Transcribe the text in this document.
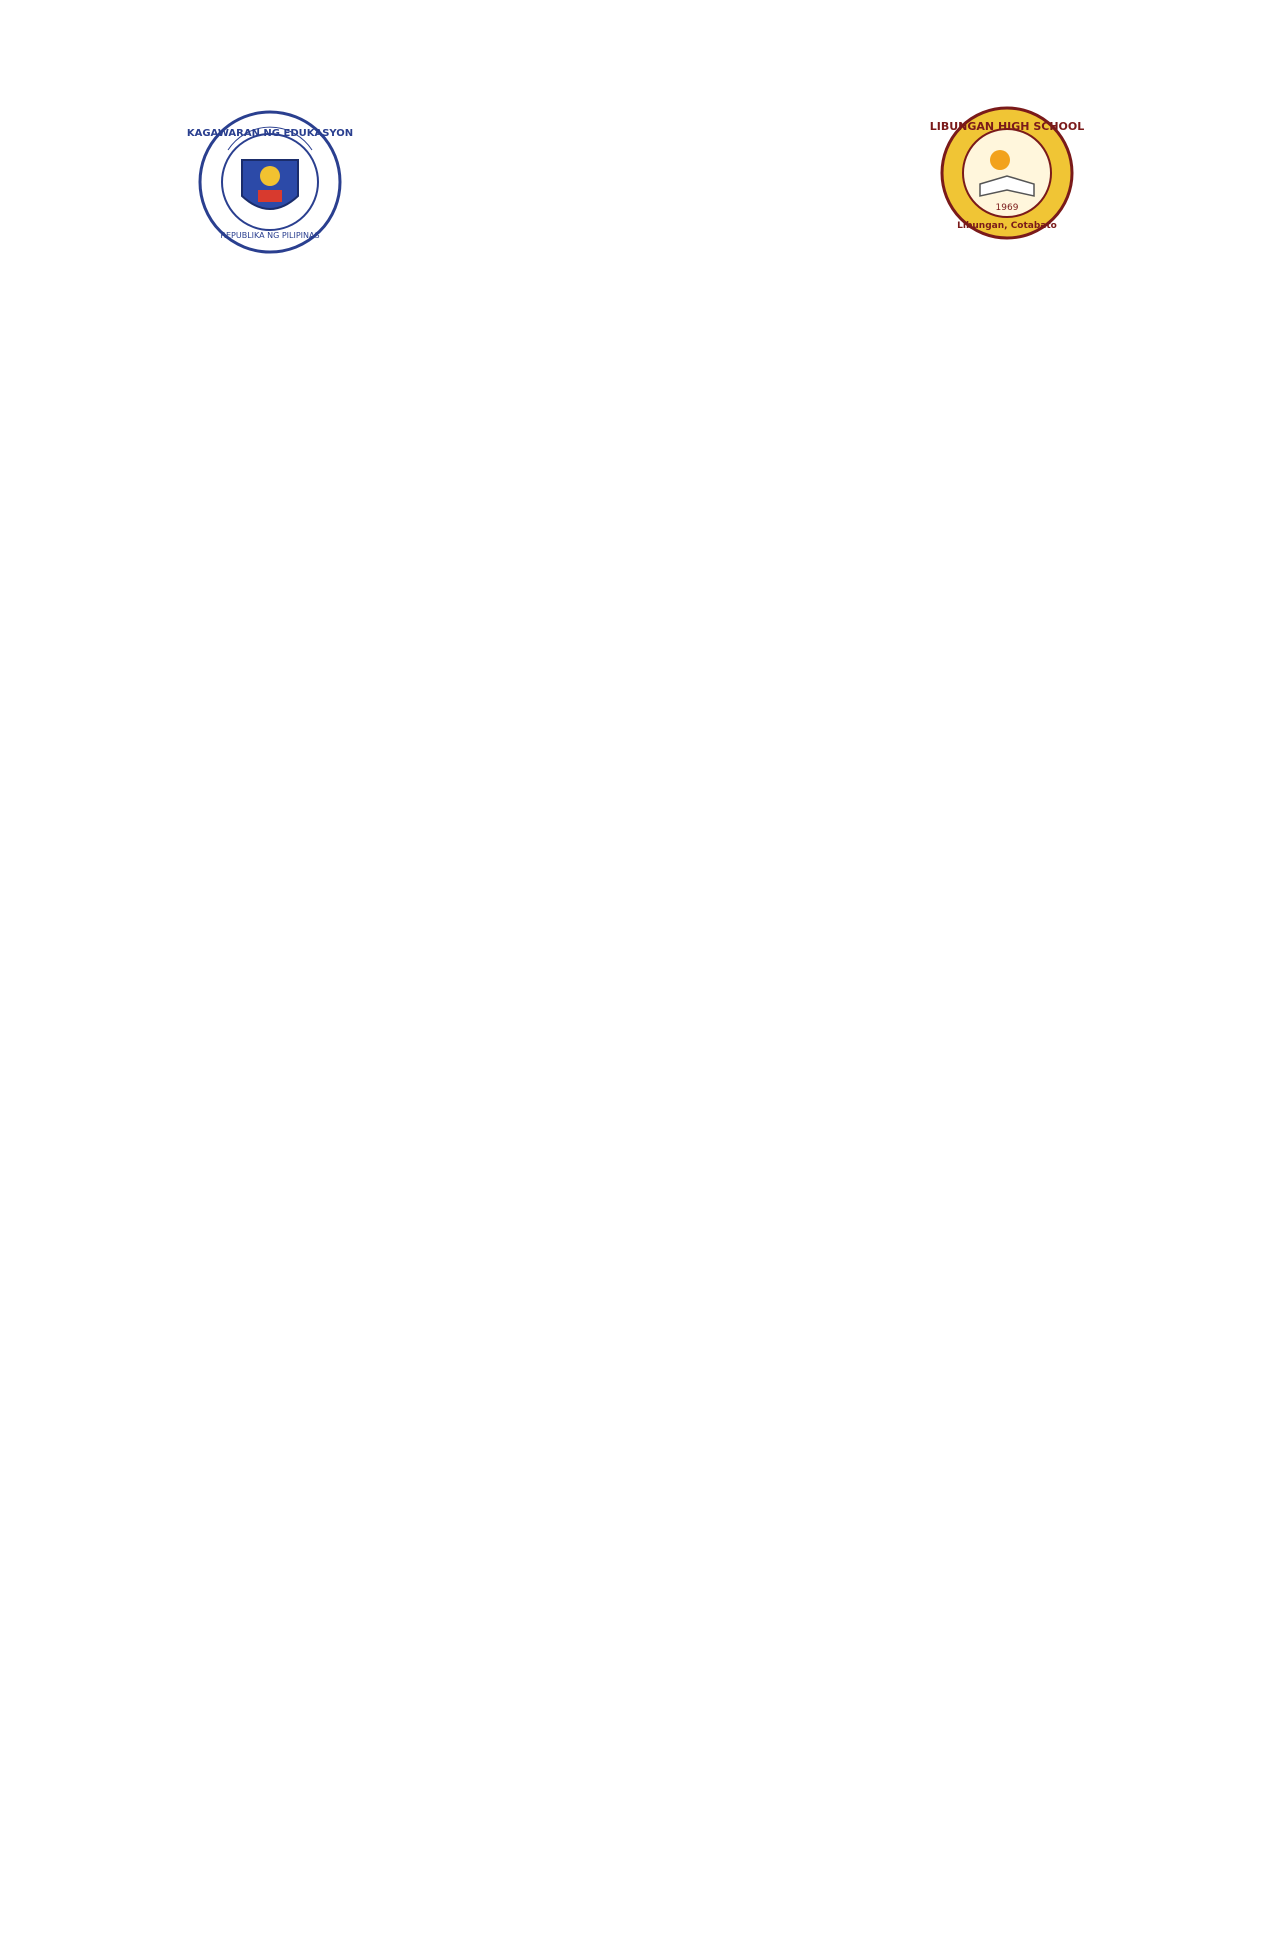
KAGAWARAN NG EDUKASYON
REPUBLIKA NG PILIPINAS
LIBUNGAN HIGH SCHOOL
1969
Libungan, Cotabato
